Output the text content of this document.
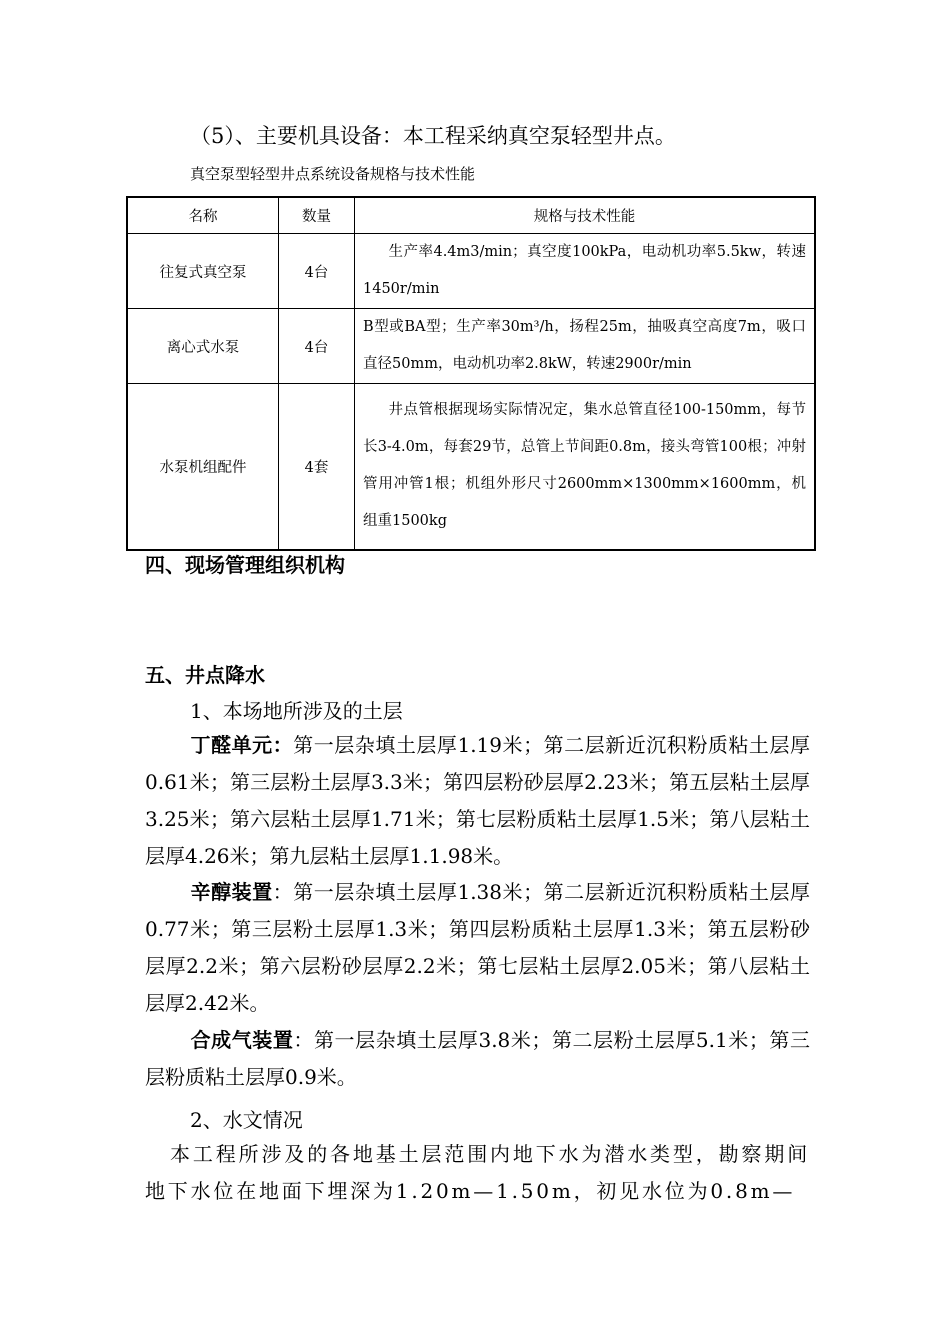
（5）、主要机具设备：本工程采纳真空泵轻型井点。
真空泵型轻型井点系统设备规格与技术性能
名称	数量	规格与技术性能
往复式真空泵	4台	生产率4.4m3/min；真空度100kPa，电动机功率5.5kw，转速1450r/min
离心式水泵	4台	B型或BA型；生产率30m³/h，扬程25m，抽吸真空高度7m，吸口直径50mm，电动机功率2.8kW，转速2900r/min
水泵机组配件	4套	井点管根据现场实际情况定，集水总管直径100-150mm，每节长3-4.0m，每套29节，总管上节间距0.8m，接头弯管100根；冲射管用冲管1根；机组外形尺寸2600mm×1300mm×1600mm，机组重1500kg
四、现场管理组织机构
五、井点降水
1、本场地所涉及的土层
丁醛单元：第一层杂填土层厚1.19米；第二层新近沉积粉质粘土层厚0.61米；第三层粉土层厚3.3米；第四层粉砂层厚2.23米；第五层粘土层厚3.25米；第六层粘土层厚1.71米；第七层粉质粘土层厚1.5米；第八层粘土层厚4.26米；第九层粘土层厚1.1.98米。
辛醇装置：第一层杂填土层厚1.38米；第二层新近沉积粉质粘土层厚0.77米；第三层粉土层厚1.3米；第四层粉质粘土层厚1.3米；第五层粉砂层厚2.2米；第六层粉砂层厚2.2米；第七层粘土层厚2.05米；第八层粘土层厚2.42米。
合成气装置：第一层杂填土层厚3.8米；第二层粉土层厚5.1米；第三层粉质粘土层厚0.9米。
2、水文情况
本工程所涉及的各地基土层范围内地下水为潜水类型，勘察期间地下水位在地面下埋深为1.20m—1.50m，初见水位为0.8m—
